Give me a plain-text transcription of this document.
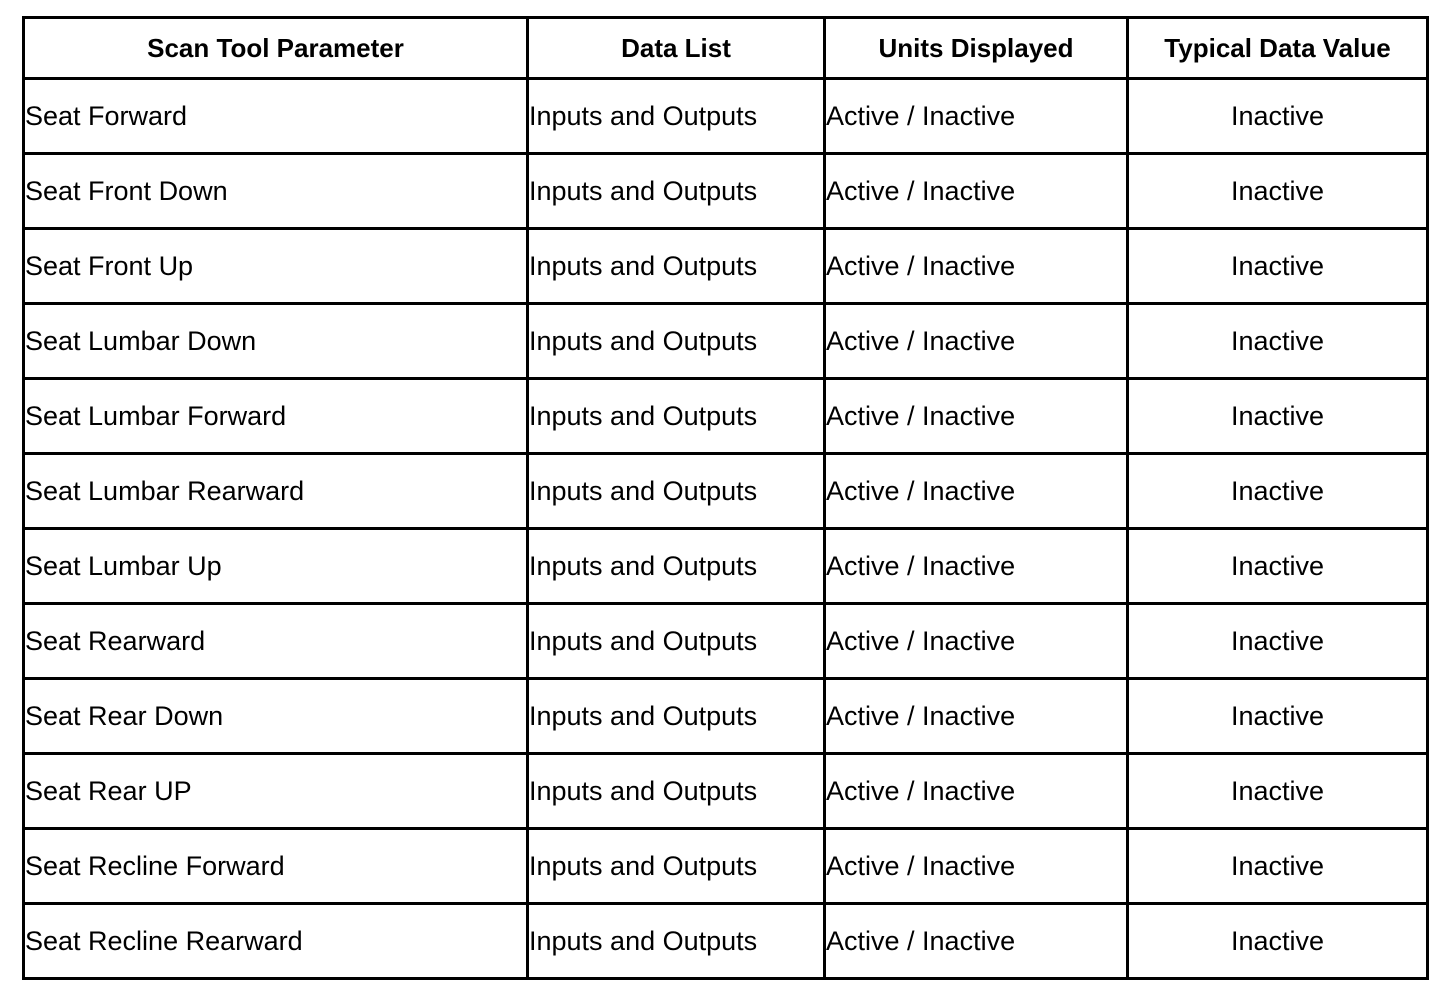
Scan Tool Parameter	Data List	Units Displayed	Typical Data Value
Seat Forward	Inputs and Outputs	Active / Inactive	Inactive
Seat Front Down	Inputs and Outputs	Active / Inactive	Inactive
Seat Front Up	Inputs and Outputs	Active / Inactive	Inactive
Seat Lumbar Down	Inputs and Outputs	Active / Inactive	Inactive
Seat Lumbar Forward	Inputs and Outputs	Active / Inactive	Inactive
Seat Lumbar Rearward	Inputs and Outputs	Active / Inactive	Inactive
Seat Lumbar Up	Inputs and Outputs	Active / Inactive	Inactive
Seat Rearward	Inputs and Outputs	Active / Inactive	Inactive
Seat Rear Down	Inputs and Outputs	Active / Inactive	Inactive
Seat Rear UP	Inputs and Outputs	Active / Inactive	Inactive
Seat Recline Forward	Inputs and Outputs	Active / Inactive	Inactive
Seat Recline Rearward	Inputs and Outputs	Active / Inactive	Inactive
